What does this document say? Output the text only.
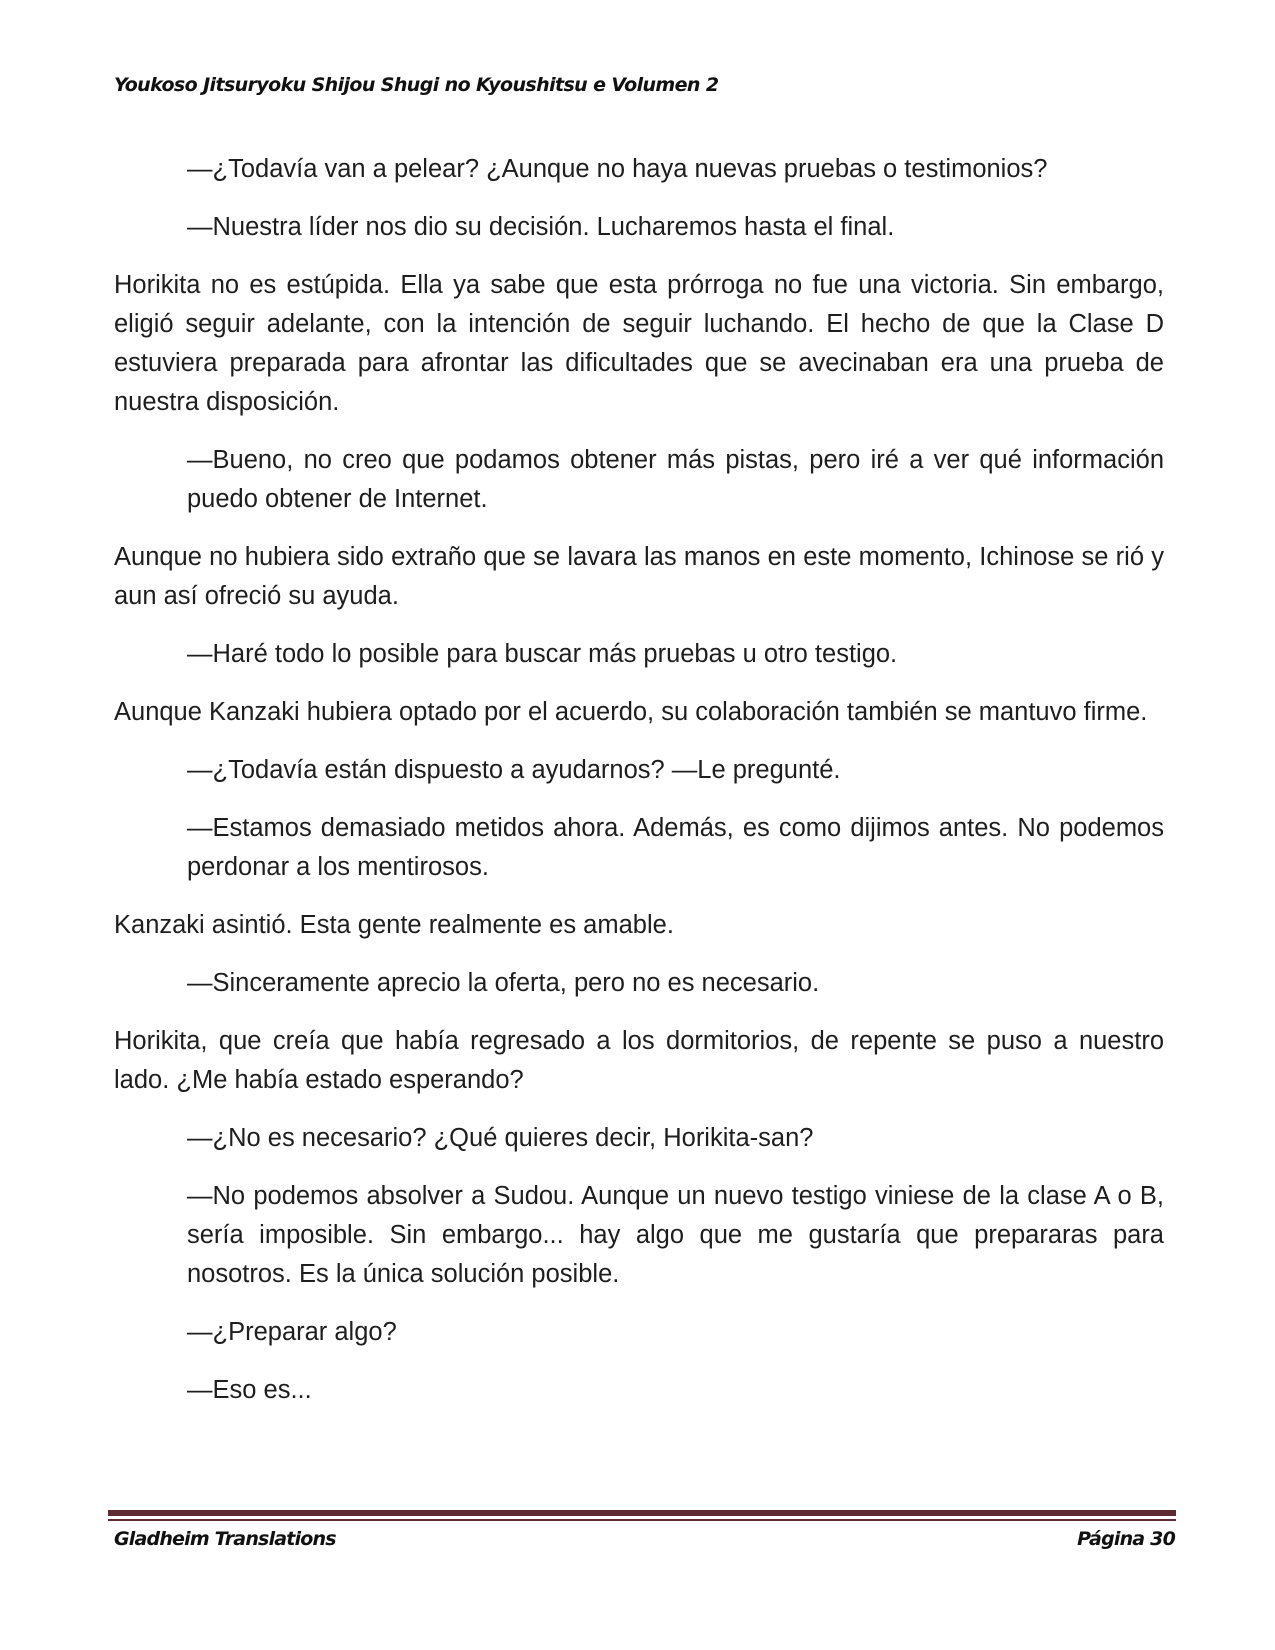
Youkoso Jitsuryoku Shijou Shugi no Kyoushitsu e Volumen 2

—¿Todavía van a pelear? ¿Aunque no haya nuevas pruebas o testimonios?

—Nuestra líder nos dio su decisión. Lucharemos hasta el final.

Horikita no es estúpida. Ella ya sabe que esta prórroga no fue una victoria. Sin embargo, eligió seguir adelante, con la intención de seguir luchando. El hecho de que la Clase D estuviera preparada para afrontar las dificultades que se avecinaban era una prueba de nuestra disposición.

—Bueno, no creo que podamos obtener más pistas, pero iré a ver qué información puedo obtener de Internet.

Aunque no hubiera sido extraño que se lavara las manos en este momento, Ichinose se rió y aun así ofreció su ayuda.

—Haré todo lo posible para buscar más pruebas u otro testigo.

Aunque Kanzaki hubiera optado por el acuerdo, su colaboración también se mantuvo firme.

—¿Todavía están dispuesto a ayudarnos? —Le pregunté.

—Estamos demasiado metidos ahora. Además, es como dijimos antes. No podemos perdonar a los mentirosos.

Kanzaki asintió. Esta gente realmente es amable.

—Sinceramente aprecio la oferta, pero no es necesario.

Horikita, que creía que había regresado a los dormitorios, de repente se puso a nuestro lado. ¿Me había estado esperando?

—¿No es necesario? ¿Qué quieres decir, Horikita-san?

—No podemos absolver a Sudou. Aunque un nuevo testigo viniese de la clase A o B, sería imposible. Sin embargo... hay algo que me gustaría que prepararas para nosotros. Es la única solución posible.

—¿Preparar algo?

—Eso es...

Gladheim Translations	Página 30
